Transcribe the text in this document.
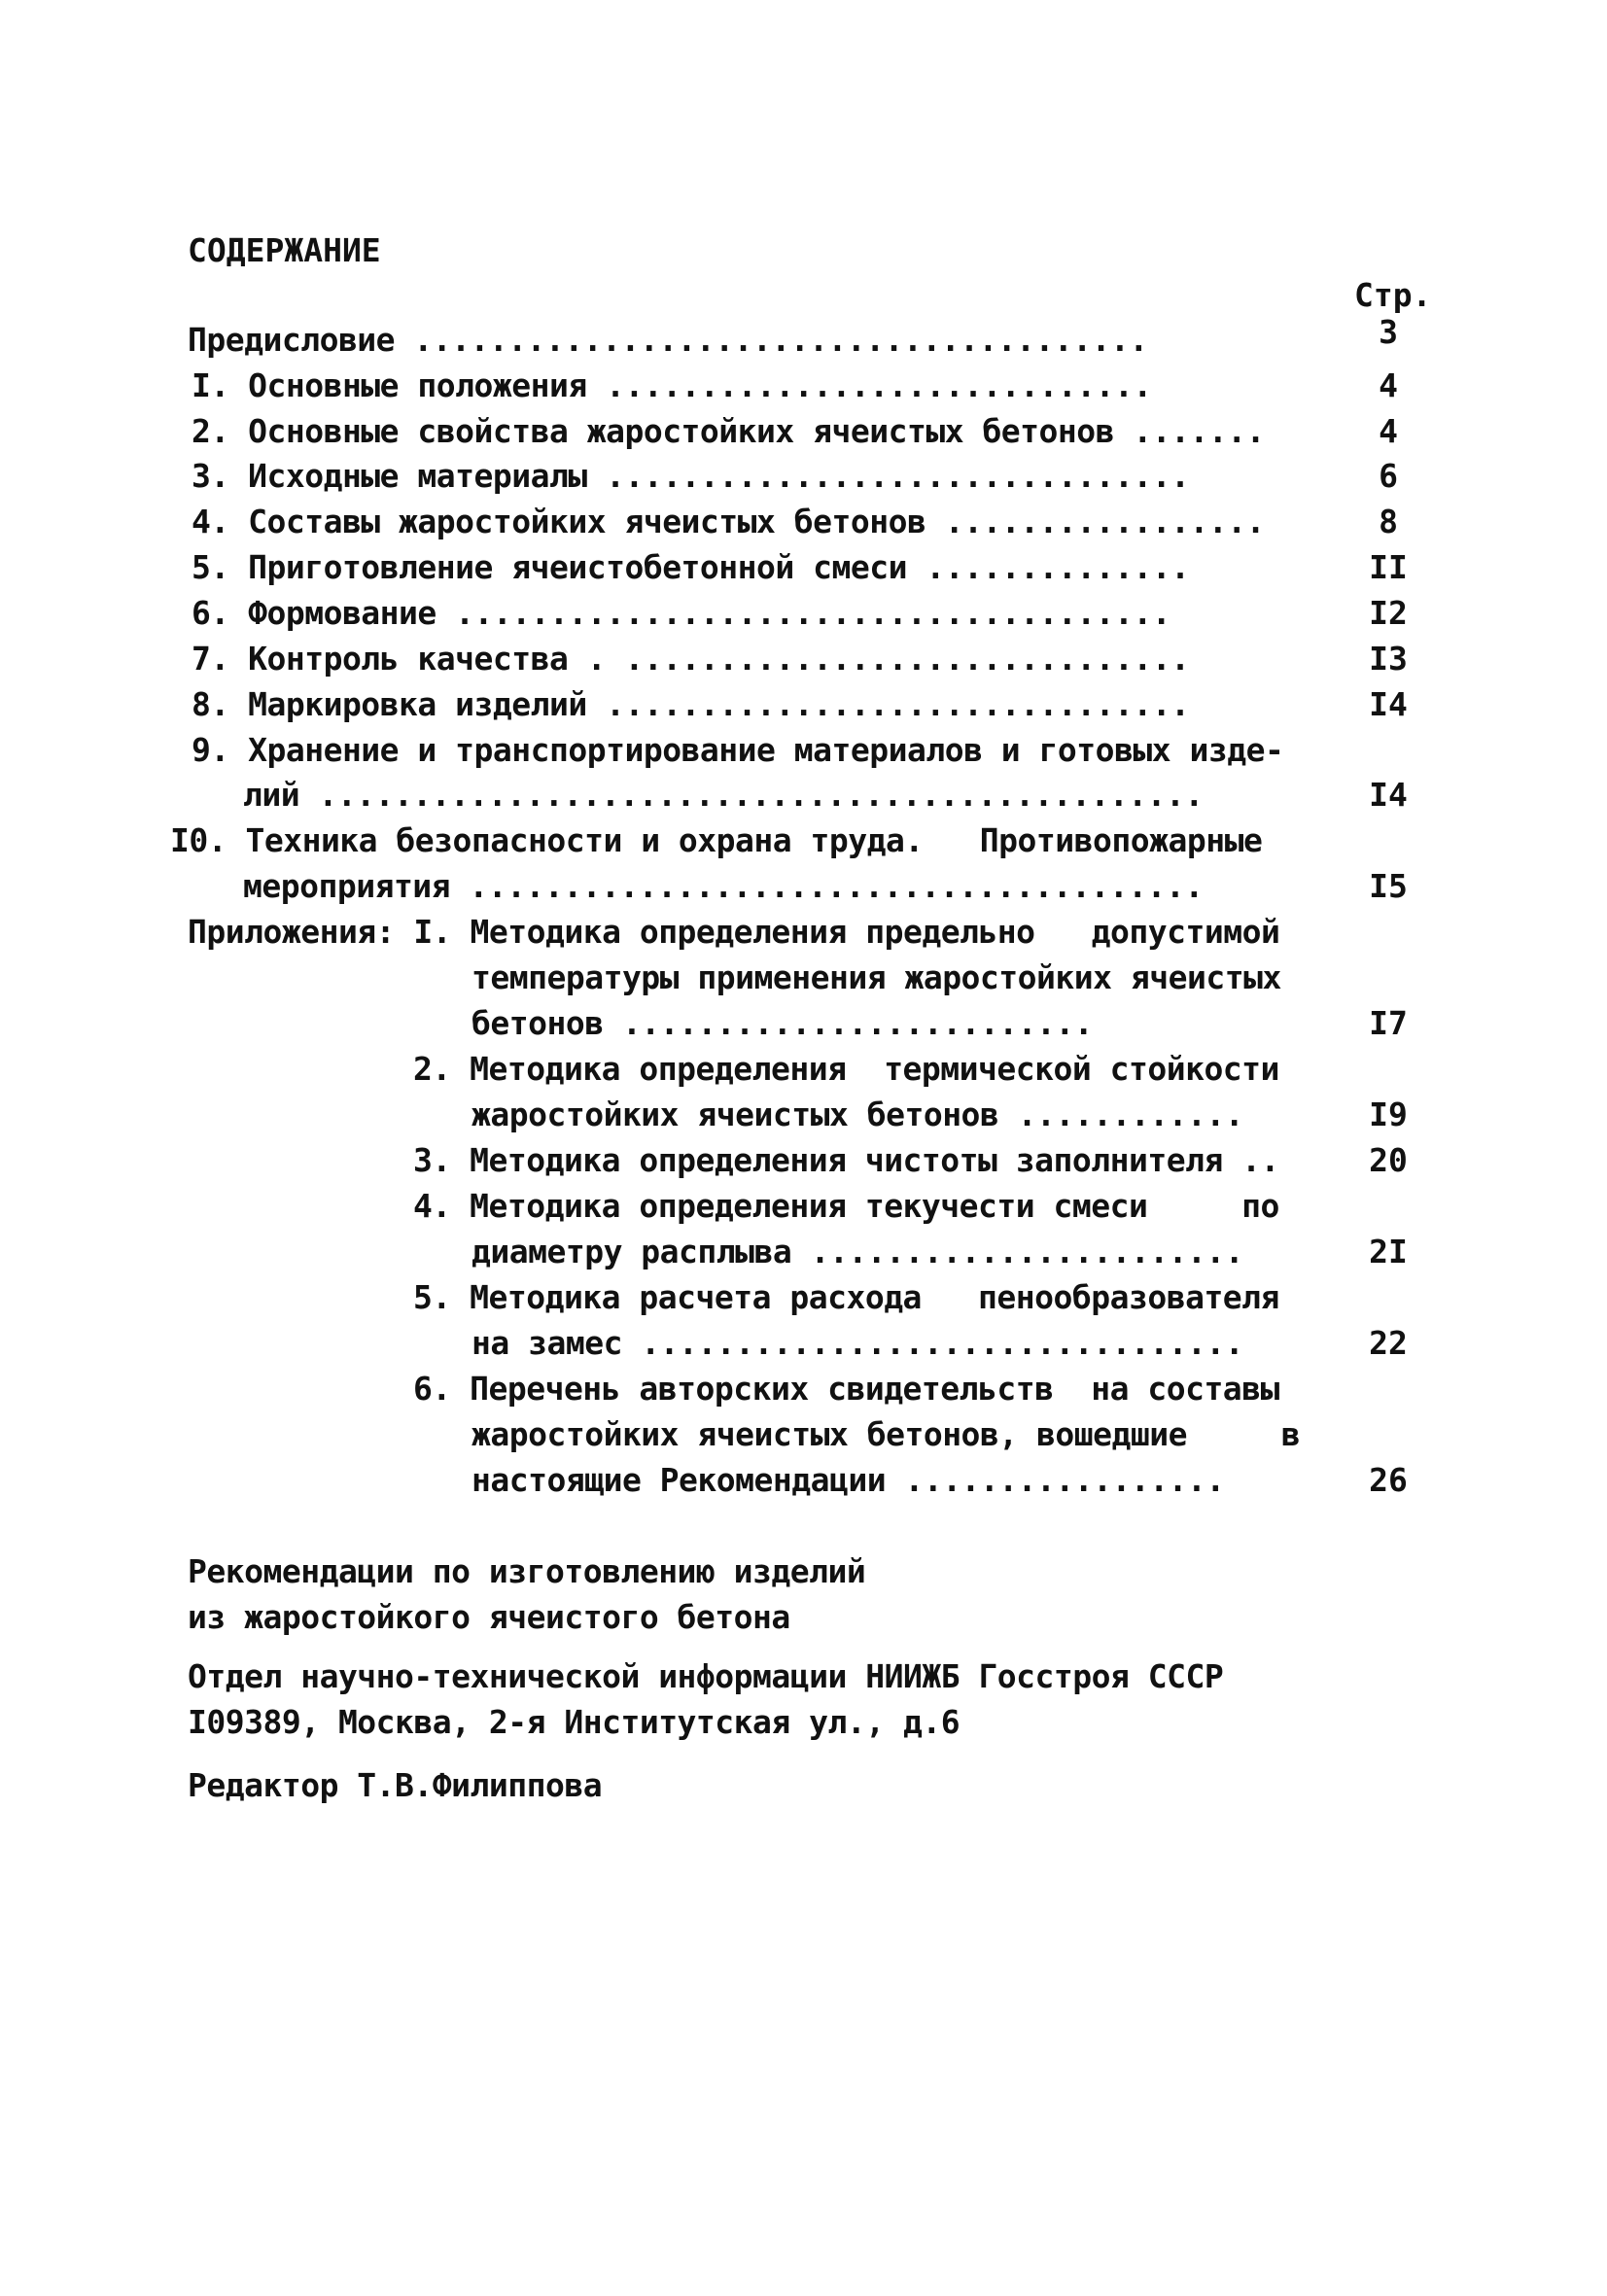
СОДЕРЖАНИЕ
Стр.
Предисловие .......................................	3
I. Основные положения .............................	4
2. Основные свойства жаростойких ячеистых бетонов .......	4
3. Исходные материалы ...............................	6
4. Составы жаростойких ячеистых бетонов .................	8
5. Приготовление ячеистобетонной смеси ..............	II
6. Формование ......................................	I2
7. Контроль качества . ..............................	I3
8. Маркировка изделий ...............................	I4
9. Хранение и транспортирование материалов и готовых изде-
лий ...............................................	I4
I0. Техника безопасности и охрана труда.   Противопожарные
мероприятия .......................................	I5
Приложения: I. Методика определения предельно   допустимой
температуры применения жаростойких ячеистых
бетонов .........................	I7
2. Методика определения  термической стойкости
жаростойких ячеистых бетонов ............	I9
3. Методика определения чистоты заполнителя ..	20
4. Методика определения текучести смеси     по
диаметру расплыва .......................	2I
5. Методика расчета расхода   пенообразователя
на замес ................................	22
6. Перечень авторских свидетельств  на составы
жаростойких ячеистых бетонов, вошедшие     в
настоящие Рекомендации .................	26
Рекомендации по изготовлению изделий
из жаростойкого ячеистого бетона
Отдел научно-технической информации НИИЖБ Госстроя СССР
I09389, Москва, 2-я Институтская ул., д.6
Редактор Т.В.Филиппова
